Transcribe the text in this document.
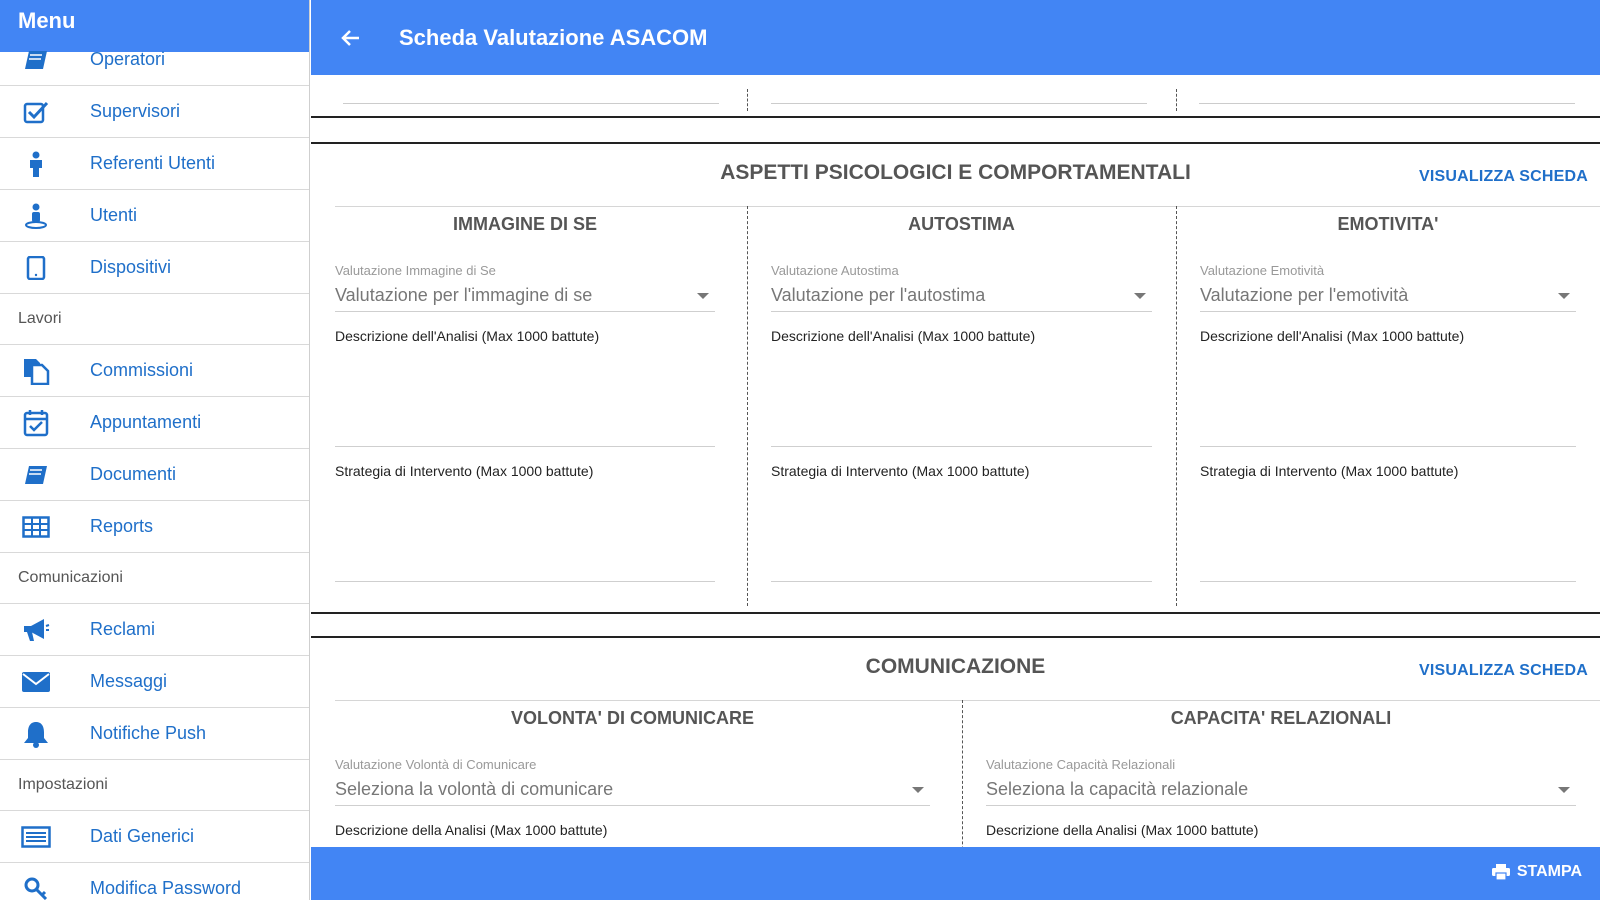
Menu
Operatori
Supervisori
Referenti Utenti
Utenti
Dispositivi
Lavori
Commissioni
Appuntamenti
Documenti
Reports
Comunicazioni
Reclami
Messaggi
Notifiche Push
Impostazioni
Dati Generici
Modifica Password
Scheda Valutazione ASACOM
ASPETTI PSICOLOGICI E COMPORTAMENTALI	VISUALIZZA SCHEDA
IMMAGINE DI SE
Valutazione Immagine di Se
Valutazione per l'immagine di se
Descrizione dell'Analisi (Max 1000 battute)
Strategia di Intervento (Max 1000 battute)
AUTOSTIMA
Valutazione Autostima
Valutazione per l'autostima
Descrizione dell'Analisi (Max 1000 battute)
Strategia di Intervento (Max 1000 battute)
EMOTIVITA'
Valutazione Emotività
Valutazione per l'emotività
Descrizione dell'Analisi (Max 1000 battute)
Strategia di Intervento (Max 1000 battute)
COMUNICAZIONE	VISUALIZZA SCHEDA
VOLONTA' DI COMUNICARE
Valutazione Volontà di Comunicare
Seleziona la volontà di comunicare
Descrizione della Analisi (Max 1000 battute)
CAPACITA' RELAZIONALI
Valutazione Capacità Relazionali
Seleziona la capacità relazionale
Descrizione della Analisi (Max 1000 battute)
STAMPA
